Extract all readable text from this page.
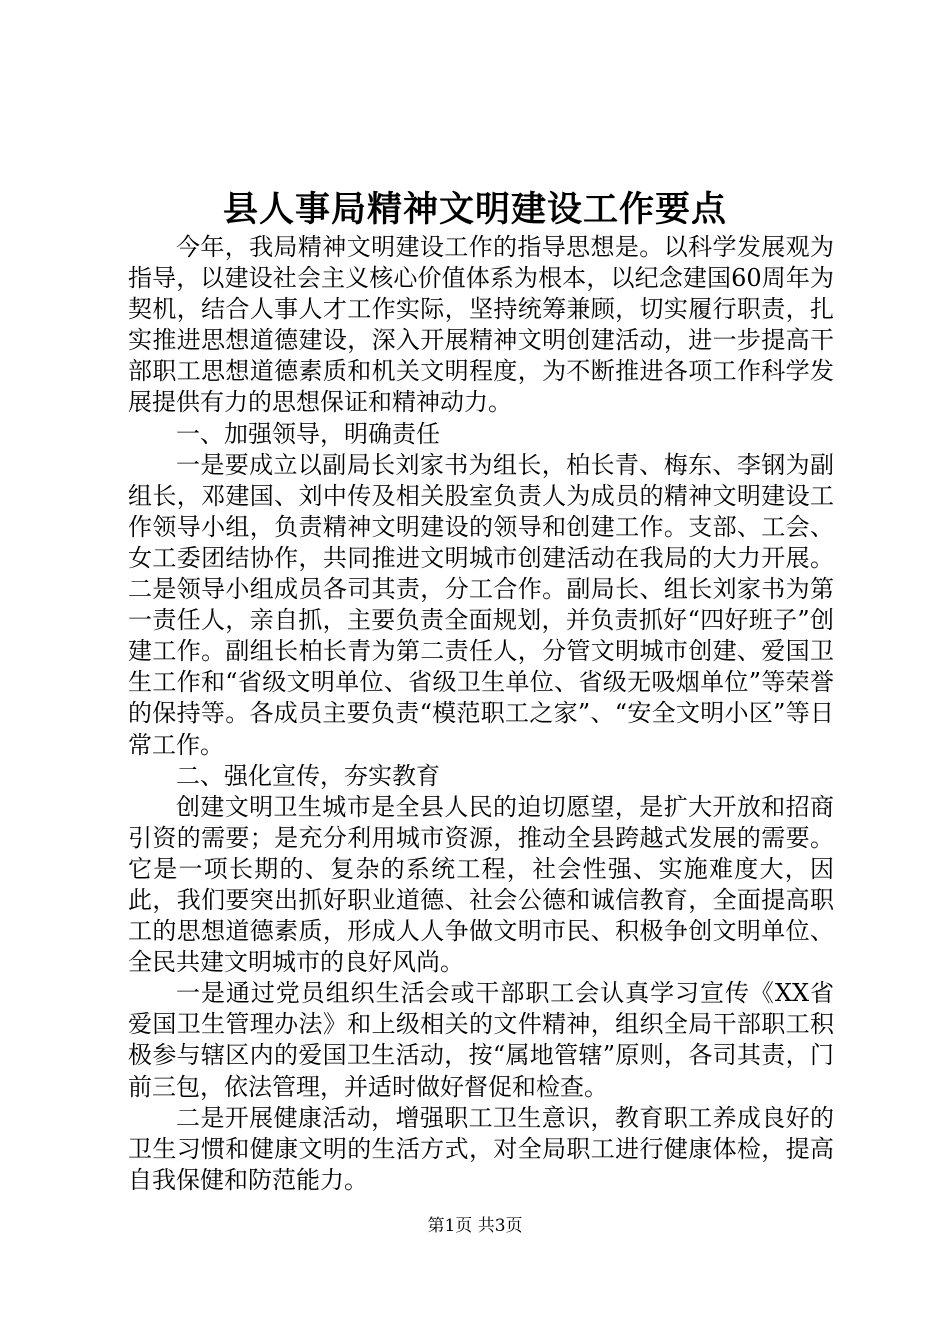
县人事局精神文明建设工作要点

今年，我局精神文明建设工作的指导思想是。以科学发展观为指导，以建设社会主义核心价值体系为根本，以纪念建国60周年为契机，结合人事人才工作实际，坚持统筹兼顾，切实履行职责，扎实推进思想道德建设，深入开展精神文明创建活动，进一步提高干部职工思想道德素质和机关文明程度，为不断推进各项工作科学发展提供有力的思想保证和精神动力。

一、加强领导，明确责任

一是要成立以副局长刘家书为组长，柏长青、梅东、李钢为副组长，邓建国、刘中传及相关股室负责人为成员的精神文明建设工作领导小组，负责精神文明建设的领导和创建工作。支部、工会、女工委团结协作，共同推进文明城市创建活动在我局的大力开展。二是领导小组成员各司其责，分工合作。副局长、组长刘家书为第一责任人，亲自抓，主要负责全面规划，并负责抓好“四好班子”创建工作。副组长柏长青为第二责任人，分管文明城市创建、爱国卫生工作和“省级文明单位、省级卫生单位、省级无吸烟单位”等荣誉的保持等。各成员主要负责“模范职工之家”、“安全文明小区”等日常工作。

二、强化宣传，夯实教育

创建文明卫生城市是全县人民的迫切愿望，是扩大开放和招商引资的需要；是充分利用城市资源，推动全县跨越式发展的需要。它是一项长期的、复杂的系统工程，社会性强、实施难度大，因此，我们要突出抓好职业道德、社会公德和诚信教育，全面提高职工的思想道德素质，形成人人争做文明市民、积极争创文明单位、全民共建文明城市的良好风尚。

一是通过党员组织生活会或干部职工会认真学习宣传《XX省爱国卫生管理办法》和上级相关的文件精神，组织全局干部职工积极参与辖区内的爱国卫生活动，按“属地管辖”原则，各司其责，门前三包，依法管理，并适时做好督促和检查。

二是开展健康活动，增强职工卫生意识，教育职工养成良好的卫生习惯和健康文明的生活方式，对全局职工进行健康体检，提高自我保健和防范能力。

第1页 共3页
